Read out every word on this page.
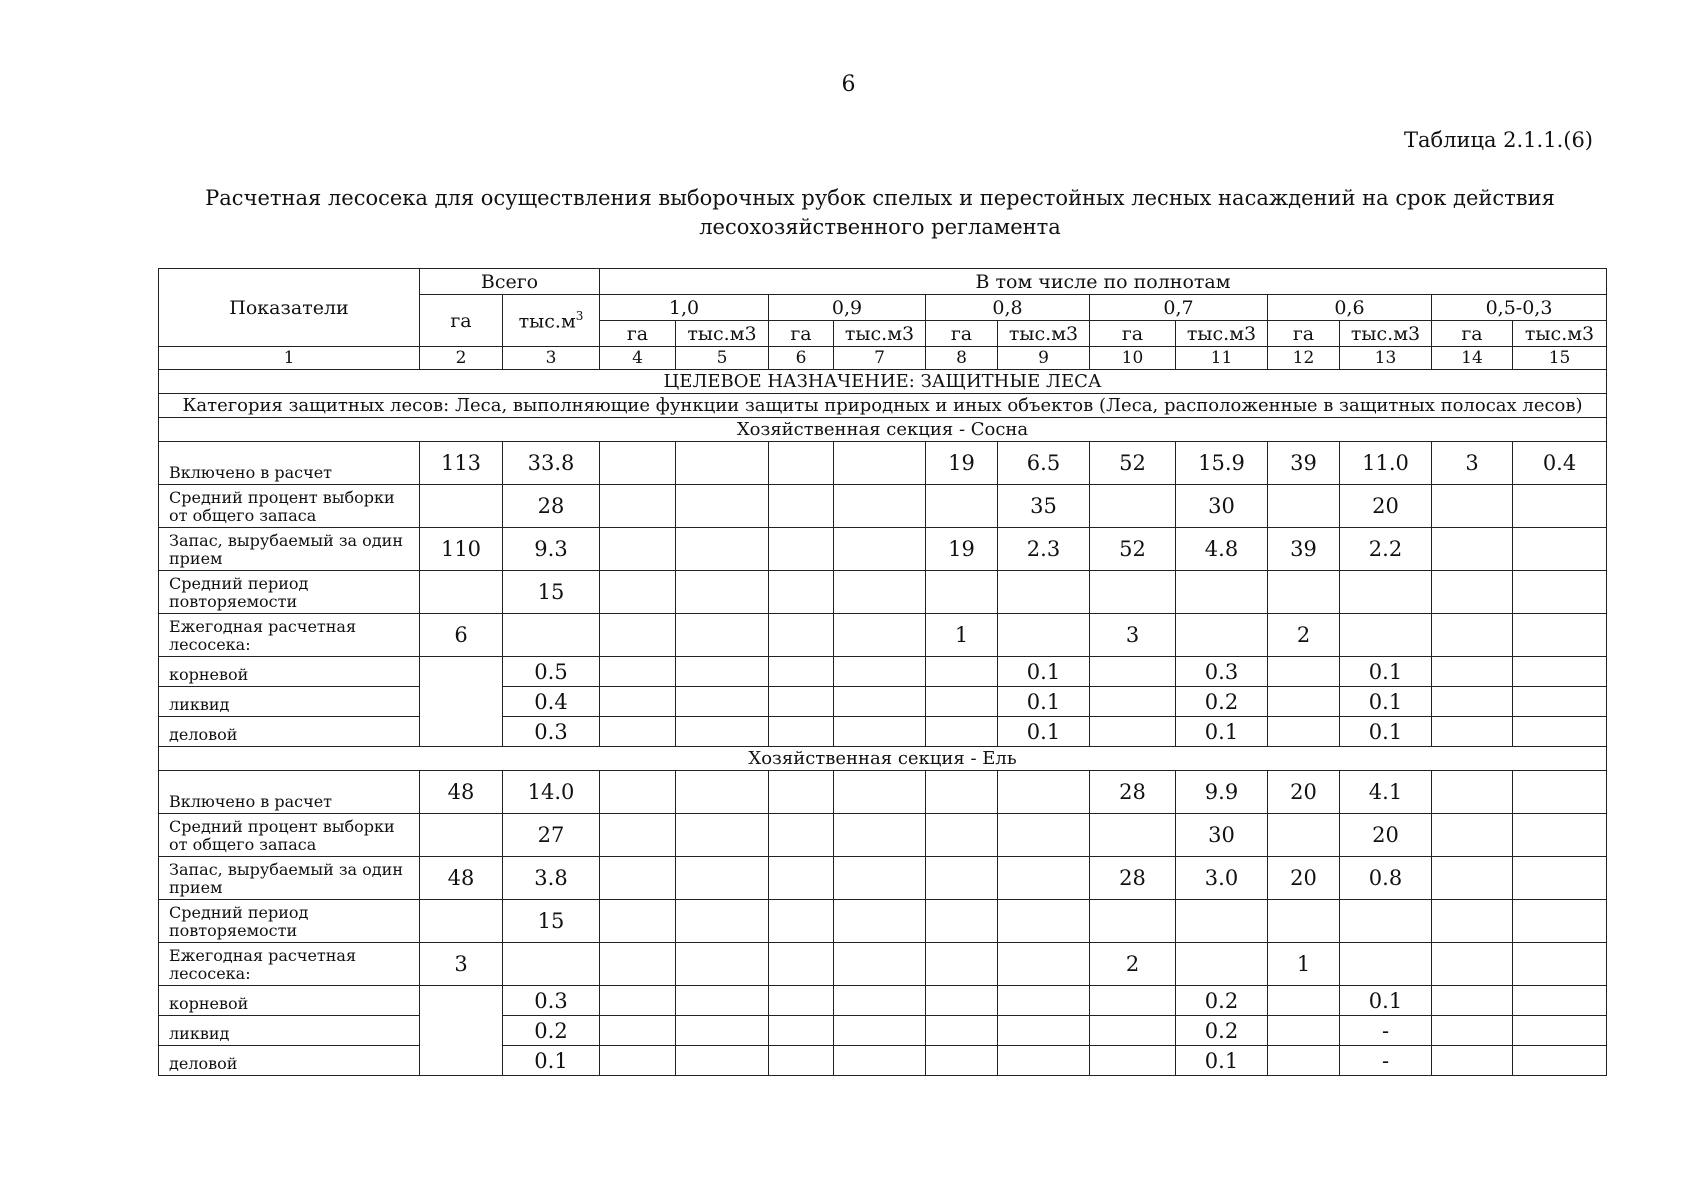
6
Таблица 2.1.1.(6)
Расчетная лесосека для осуществления выборочных рубок спелых и перестойных лесных насаждений на срок действия
лесохозяйственного регламента
Показатели	Всего		В том числе по полнотам											
	га	$тыс.м^3$	1,0		0,9		0,8		0,7		0,6		0,5-0,3	
			га	тыс.м3	га	тыс.м3	га	тыс.м3	га	тыс.м3	га	тыс.м3	га	тыс.м3
1	2	3	4	5	6	7	8	9	10	11	12	13	14	15
ЦЕЛЕВОЕ НАЗНАЧЕНИЕ: ЗАЩИТНЫЕ ЛЕСА														
Категория защитных лесов: Леса, выполняющие функции защиты природных и иных объектов (Леса, расположенные в защитных полосах лесов)														
Хозяйственная секция - Сосна														
Включено в расчет	113	33.8					19	6.5	52	15.9	39	11.0	3	0.4
Средний процент выборки от общего запаса		28						35		30		20		
Запас, вырубаемый за один прием	110	9.3					19	2.3	52	4.8	39	2.2		
Средний период повторяемости		15												
Ежегодная расчетная лесосека:	6						1		3		2			
корневой		0.5						0.1		0.3		0.1		
ликвид		0.4						0.1		0.2		0.1		
деловой		0.3						0.1		0.1		0.1		
Хозяйственная секция - Ель														
Включено в расчет	48	14.0							28	9.9	20	4.1		
Средний процент выборки от общего запаса		27								30		20		
Запас, вырубаемый за один прием	48	3.8							28	3.0	20	0.8		
Средний период повторяемости		15												
Ежегодная расчетная лесосека:	3								2		1			
корневой		0.3								0.2		0.1		
ликвид		0.2								0.2		-		
деловой		0.1								0.1		-		
